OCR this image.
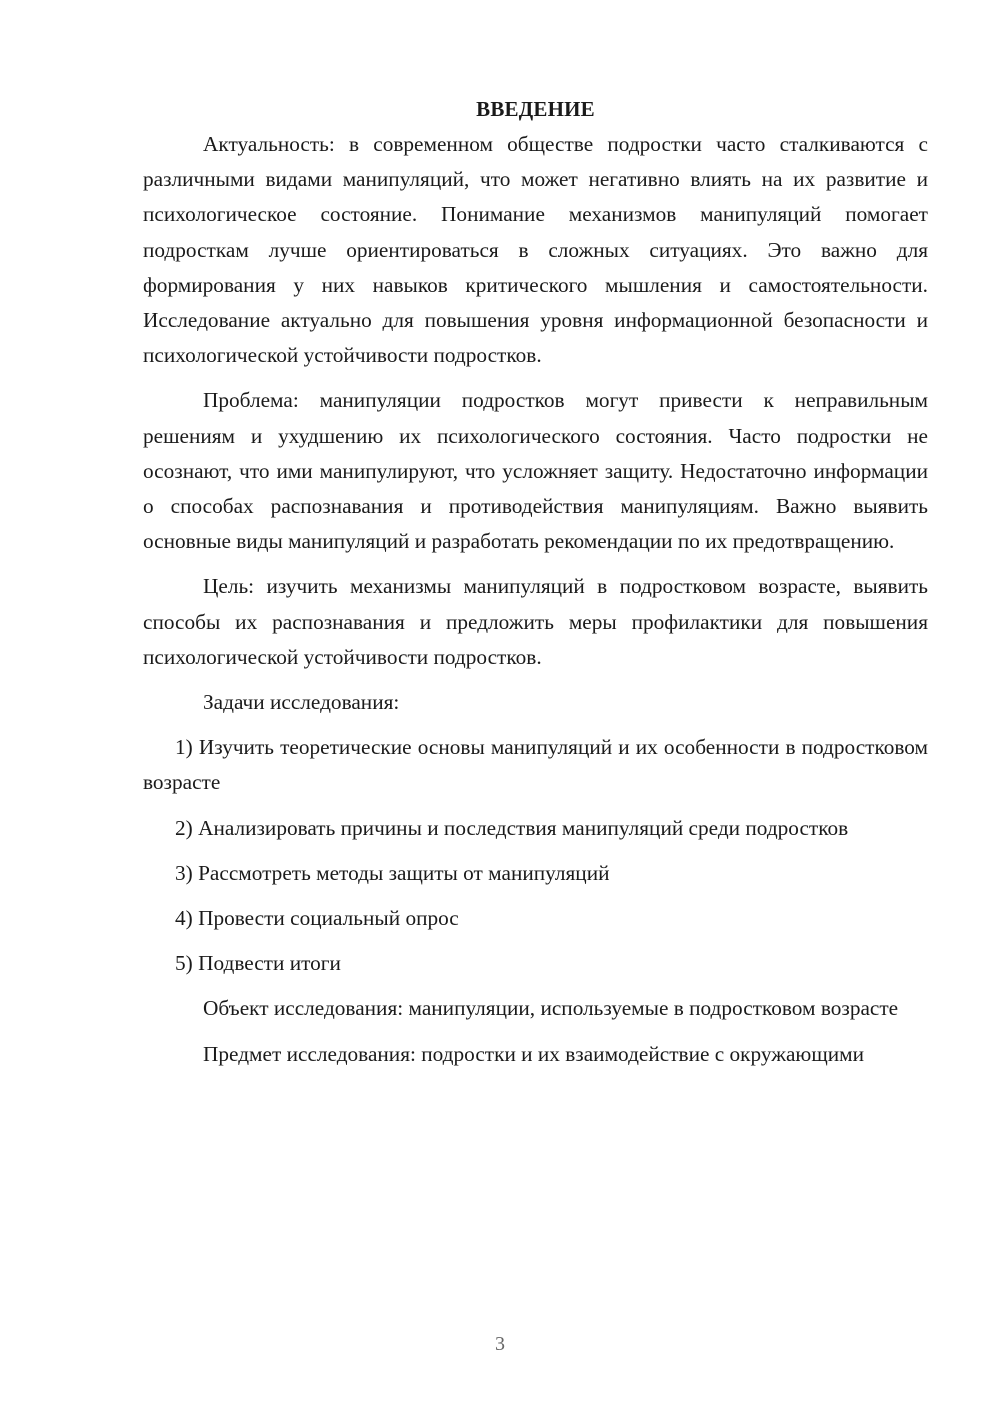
ВВЕДЕНИЕ

Актуальность: в современном обществе подростки часто сталкиваются с различными видами манипуляций, что может негативно влиять на их развитие и психологическое состояние. Понимание механизмов манипуляций помогает подросткам лучше ориентироваться в сложных ситуациях. Это важно для формирования у них навыков критического мышления и самостоятельности. Исследование актуально для повышения уровня информационной безопасности и психологической устойчивости подростков.

Проблема: манипуляции подростков могут привести к неправильным решениям и ухудшению их психологического состояния. Часто подростки не осознают, что ими манипулируют, что усложняет защиту. Недостаточно информации о способах распознавания и противодействия манипуляциям. Важно выявить основные виды манипуляций и разработать рекомендации по их предотвращению.

Цель: изучить механизмы манипуляций в подростковом возрасте, выявить способы их распознавания и предложить меры профилактики для повышения психологической устойчивости подростков.

Задачи исследования:

1) Изучить теоретические основы манипуляций и их особенности в подростковом возрасте

2) Анализировать причины и последствия манипуляций среди подростков

3) Рассмотреть методы защиты от манипуляций

4) Провести социальный опрос

5) Подвести итоги

Объект исследования: манипуляции, используемые в подростковом возрасте

Предмет исследования: подростки и их взаимодействие с окружающими

3
